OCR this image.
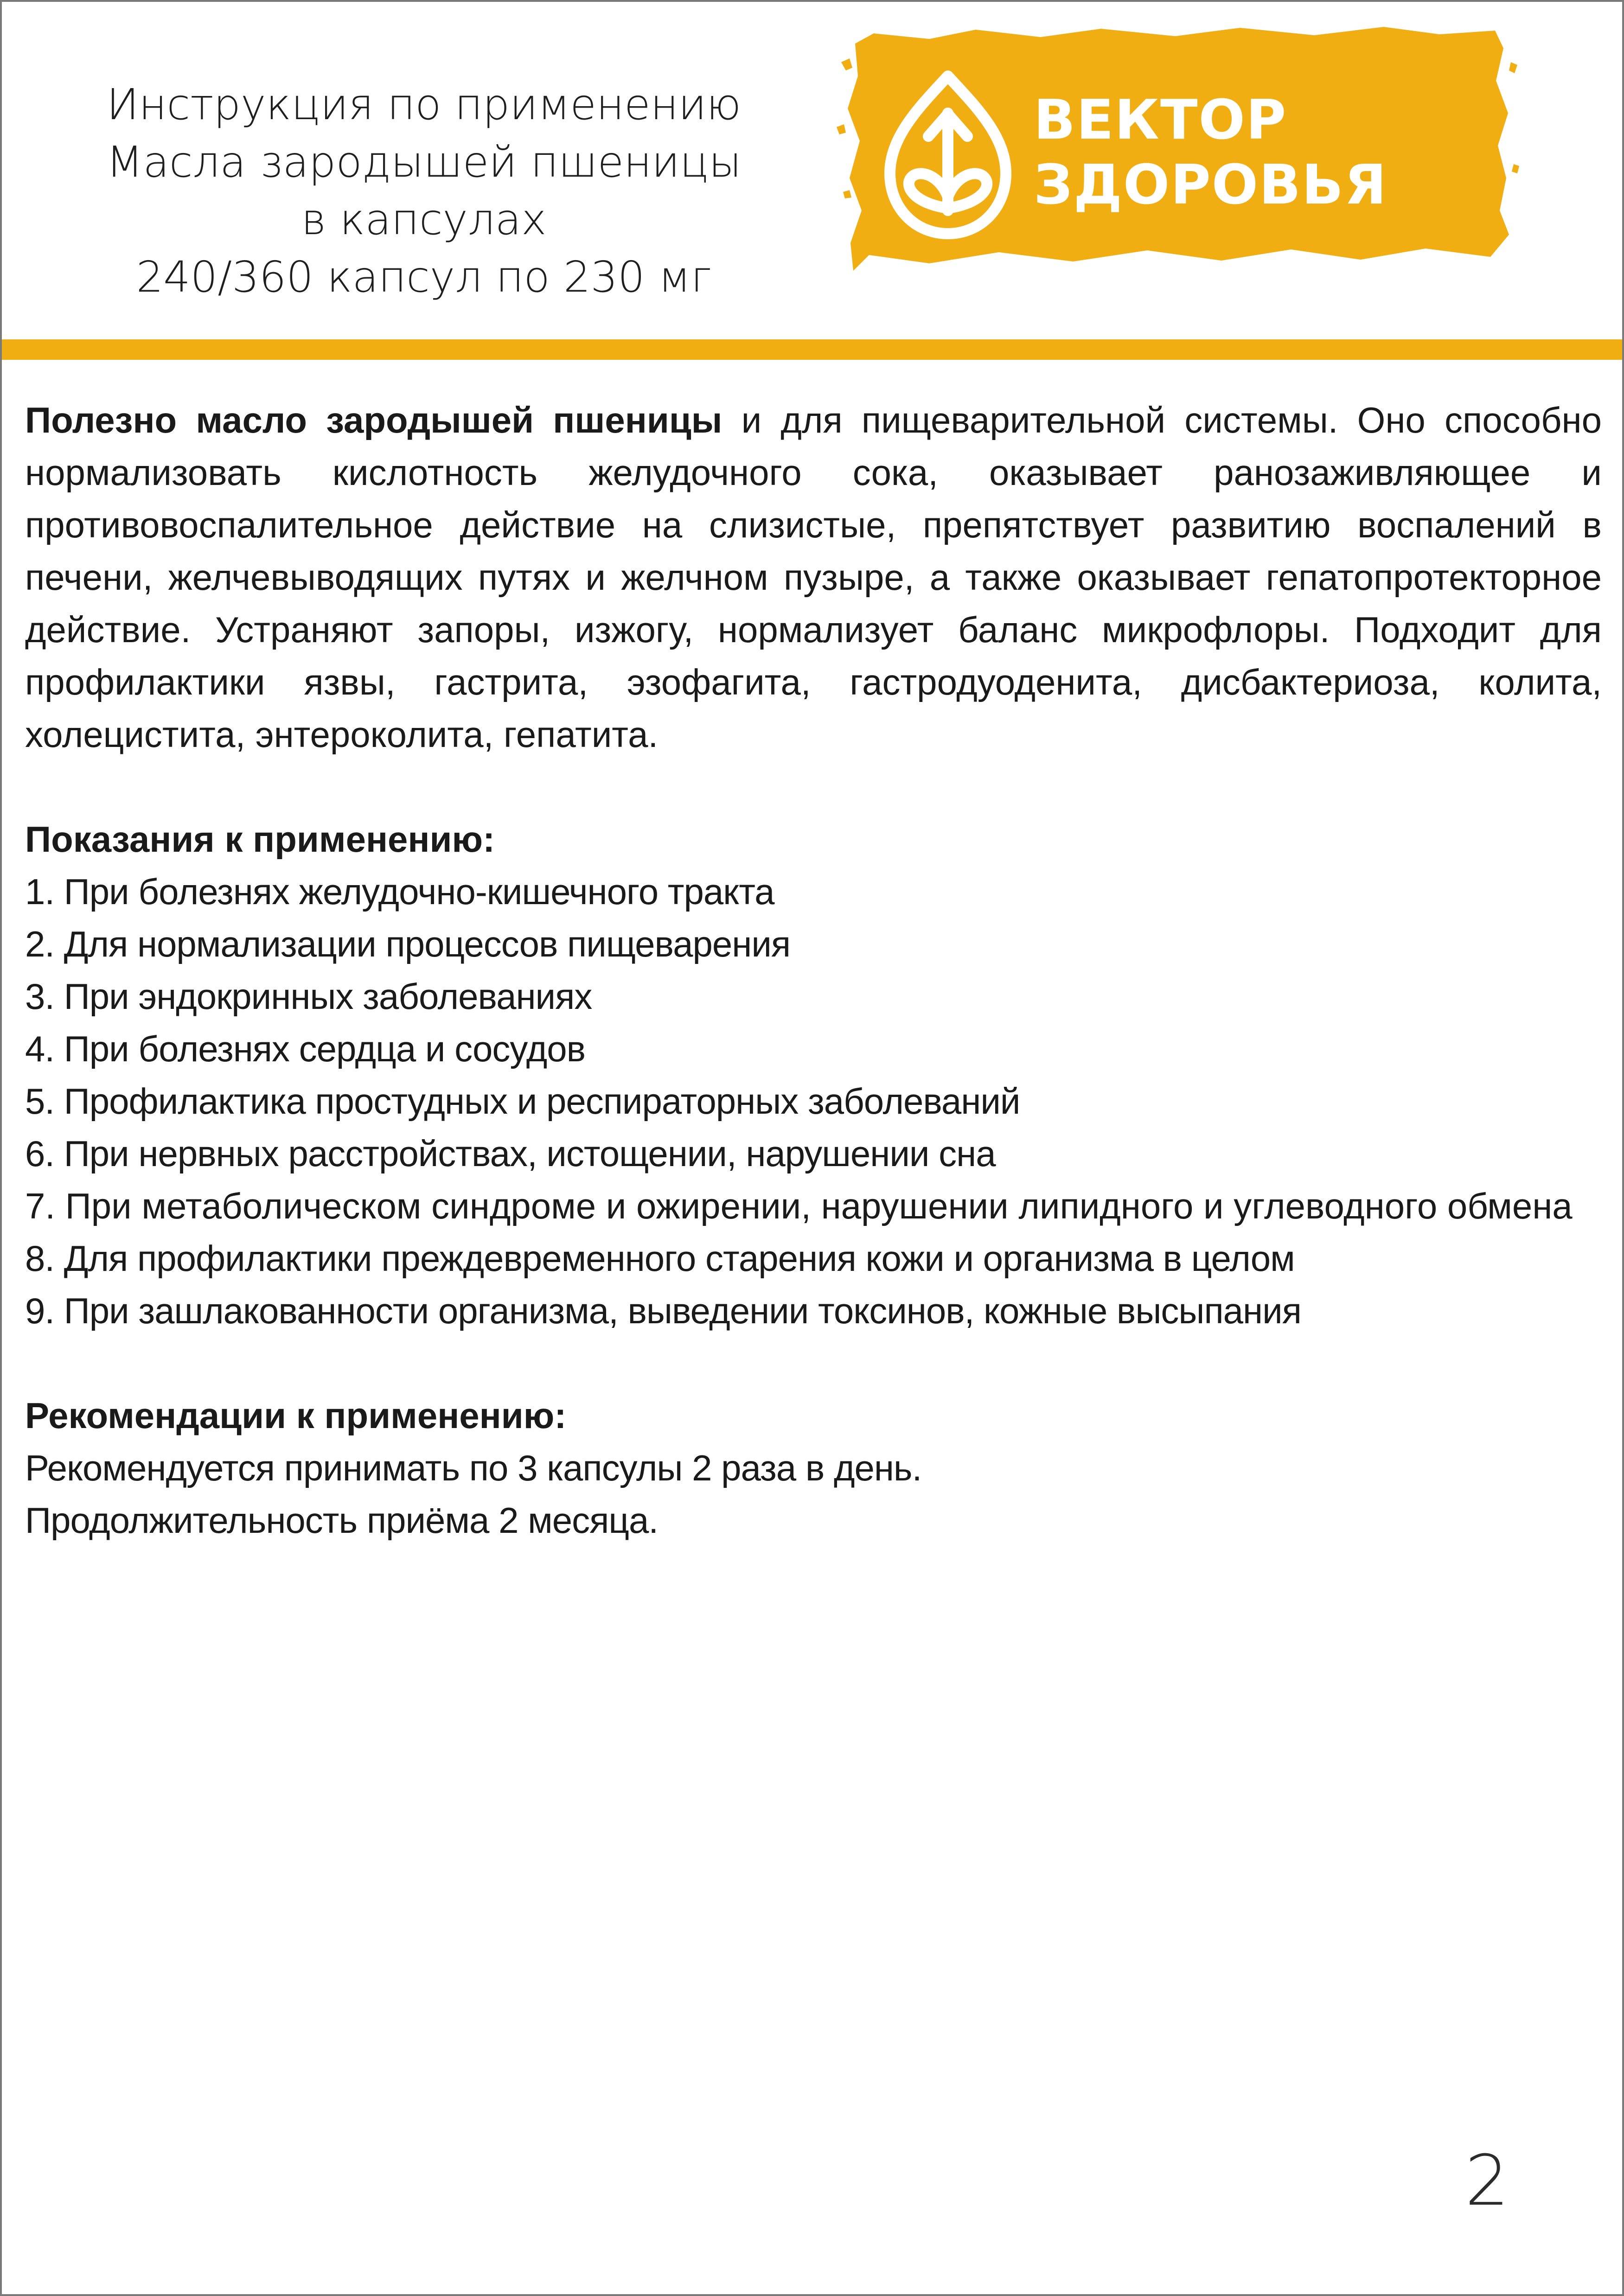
Инструкция по применению
Масла зародышей пшеницы
в капсулах
240/360 капсул по 230 мг
ВЕКТОР
ЗДОРОВЬЯ

Полезно масло зародышей пшеницы и для пищеварительной системы. Оно способно нормализовать кислотность желудочного сока, оказывает ранозаживляющее и противовоспалительное действие на слизистые, препятствует развитию воспалений в печени, желчевыводящих путях и желчном пузыре, а также оказывает гепатопротекторное действие. Устраняют запоры, изжогу, нормализует баланс микрофлоры. Подходит для профилактики язвы, гастрита, эзофагита, гастродуоденита, дисбактериоза, колита, холецистита, энтероколита, гепатита.

Показания к применению:

1. При болезнях желудочно-кишечного тракта

2. Для нормализации процессов пищеварения

3. При эндокринных заболеваниях

4. При болезнях сердца и сосудов

5. Профилактика простудных и респираторных заболеваний

6. При нервных расстройствах, истощении, нарушении сна

7. При метаболическом синдроме и ожирении, нарушении липидного и углеводного обмена

8. Для профилактики преждевременного старения кожи и организма в целом

9. При зашлакованности организма, выведении токсинов, кожные высыпания

Рекомендации к применению:

Рекомендуется принимать по 3 капсулы 2 раза в день.

Продолжительность приёма 2 месяца.

2
